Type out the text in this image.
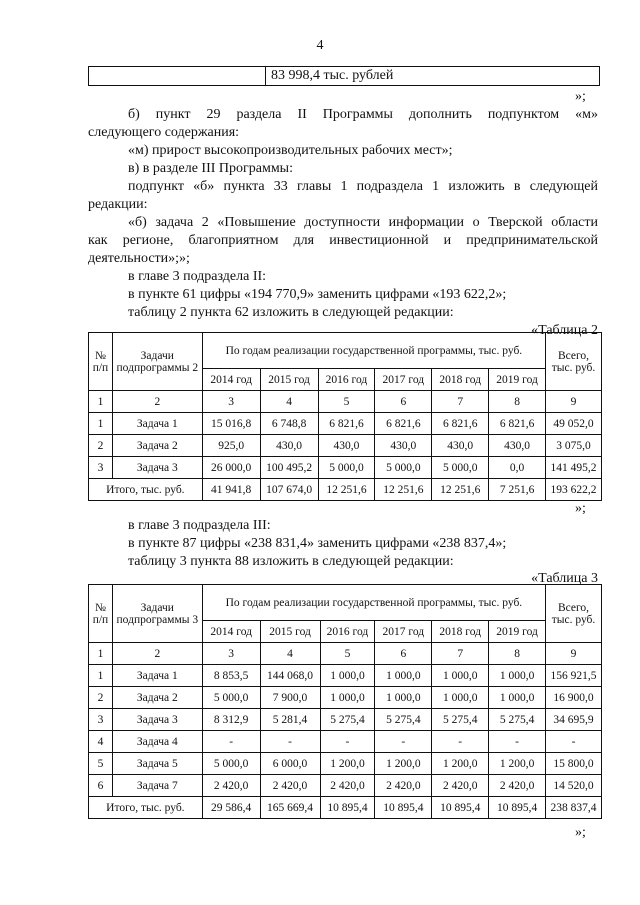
4
83 998,4 тыс. рублей
»;
б) пункт 29 раздела II Программы дополнить подпунктом «м»
следующего содержания:
«м) прирост высокопроизводительных рабочих мест»;
в) в разделе III Программы:
подпункт «б» пункта 33 главы 1 подраздела 1 изложить в следующей
редакции:
«б) задача 2 «Повышение доступности информации о Тверской области
как регионе, благоприятном для инвестиционной и предпринимательской
деятельности»;»;
в главе 3 подраздела II:
в пункте 61 цифры «194 770,9» заменить цифрами «193 622,2»;
таблицу 2 пункта 62 изложить в следующей редакции:
«Таблица 2
№ п/п	Задачи подпрограммы 2	По годам реализации государственной программы, тыс. руб.						Всего, тыс. руб.
		2014 год	2015 год	2016 год	2017 год	2018 год	2019 год	
1	2	3	4	5	6	7	8	9
1	Задача 1	15 016,8	6 748,8	6 821,6	6 821,6	6 821,6	6 821,6	49 052,0
2	Задача 2	925,0	430,0	430,0	430,0	430,0	430,0	3 075,0
3	Задача 3	26 000,0	100 495,2	5 000,0	5 000,0	5 000,0	0,0	141 495,2
Итого, тыс. руб.		41 941,8	107 674,0	12 251,6	12 251,6	12 251,6	7 251,6	193 622,2
»;
в главе 3 подраздела III:
в пункте 87 цифры «238 831,4» заменить цифрами «238 837,4»;
таблицу 3 пункта 88 изложить в следующей редакции:
«Таблица 3
№ п/п	Задачи подпрограммы 3	По годам реализации государственной программы, тыс. руб.						Всего, тыс. руб.
		2014 год	2015 год	2016 год	2017 год	2018 год	2019 год	
1	2	3	4	5	6	7	8	9
1	Задача 1	8 853,5	144 068,0	1 000,0	1 000,0	1 000,0	1 000,0	156 921,5
2	Задача 2	5 000,0	7 900,0	1 000,0	1 000,0	1 000,0	1 000,0	16 900,0
3	Задача 3	8 312,9	5 281,4	5 275,4	5 275,4	5 275,4	5 275,4	34 695,9
4	Задача 4	-	-	-	-	-	-	-
5	Задача 5	5 000,0	6 000,0	1 200,0	1 200,0	1 200,0	1 200,0	15 800,0
6	Задача 7	2 420,0	2 420,0	2 420,0	2 420,0	2 420,0	2 420,0	14 520,0
Итого, тыс. руб.		29 586,4	165 669,4	10 895,4	10 895,4	10 895,4	10 895,4	238 837,4
»;
